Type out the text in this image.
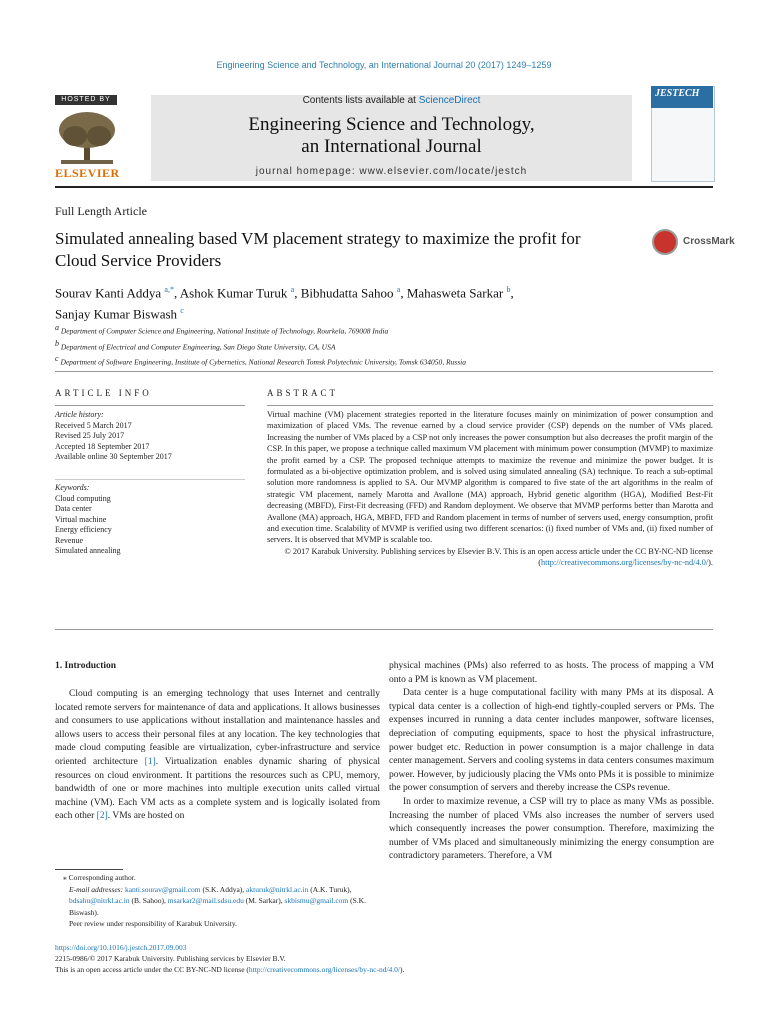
Engineering Science and Technology, an International Journal 20 (2017) 1249–1259
HOSTED BY
ELSEVIER
Contents lists available at ScienceDirect
Engineering Science and Technology,
an International Journal
journal homepage: www.elsevier.com/locate/jestch
JESTECH
Full Length Article
Simulated annealing based VM placement strategy to maximize the profit for Cloud Service Providers
CrossMark
Sourav Kanti Addya $^{a,*}$, Ashok Kumar Turuk $^a$, Bibhudatta Sahoo $^a$, Mahasweta Sarkar $^b$,
Sanjay Kumar Biswash $^c$
$^a$ Department of Computer Science and Engineering, National Institute of Technology, Rourkela, 769008 India
$^b$ Department of Electrical and Computer Engineering, San Diego State University, CA, USA
$^c$ Department of Software Engineering, Institute of Cybernetics, National Research Tomsk Polytechnic University, Tomsk 634050, Russia
ARTICLE INFO	ABSTRACT
Article history:
Received 5 March 2017
Revised 25 July 2017
Accepted 18 September 2017
Available online 30 September 2017
Keywords:
Cloud computing
Data center
Virtual machine
Energy efficiency
Revenue
Simulated annealing
Virtual machine (VM) placement strategies reported in the literature focuses mainly on minimization of power consumption and maximization of placed VMs. The revenue earned by a cloud service provider (CSP) depends on the number of VMs placed. Increasing the number of VMs placed by a CSP not only increases the power consumption but also decreases the profit margin of the CSP. In this paper, we propose a technique called maximum VM placement with minimum power consumption (MVMP) to maximize the profit earned by a CSP. The proposed technique attempts to maximize the revenue and minimize the power budget. It is formulated as a bi-objective optimization problem, and is solved using simulated annealing (SA) technique. To reach a sub-optimal solution more randomness is applied to SA. Our MVMP algorithm is compared to five state of the art algorithms in the realm of strategic VM placement, namely Marotta and Avallone (MA) approach, Hybrid genetic algorithm (HGA), Modified Best-Fit decreasing (MBFD), First-Fit decreasing (FFD) and Random deployment. We observe that MVMP performs better than Marotta and Avallone (MA) approach, HGA, MBFD, FFD and Random placement in terms of number of servers used, energy consumption, profit and execution time. Scalability of MVMP is verified using two different scenarios: (i) fixed number of VMs and, (ii) fixed number of servers. It is observed that MVMP is scalable too.
© 2017 Karabuk University. Publishing services by Elsevier B.V. This is an open access article under the CC BY-NC-ND license (http://creativecommons.org/licenses/by-nc-nd/4.0/).
1. Introduction

Cloud computing is an emerging technology that uses Internet and centrally located remote servers for maintenance of data and applications. It allows businesses and consumers to use applications without installation and maintenance hassles and allows users to access their personal files at any location. The key technologies that made cloud computing feasible are virtualization, cyber-infrastructure and service oriented architecture [1]. Virtualization enables dynamic sharing of physical resources on cloud environment. It partitions the resources such as CPU, memory, bandwidth of one or more machines into multiple execution units called virtual machine (VM). Each VM acts as a complete system and is logically isolated from each other [2]. VMs are hosted on

physical machines (PMs) also referred to as hosts. The process of mapping a VM onto a PM is known as VM placement.

Data center is a huge computational facility with many PMs at its disposal. A typical data center is a collection of high-end tightly-coupled servers or PMs. The expenses incurred in running a data center includes manpower, software licenses, depreciation of computing equipments, space to host the physical infrastructure, power budget etc. Reduction in power consumption is a major challenge in data center management. Servers and cooling systems in data centers consumes maximum power. However, by judiciously placing the VMs onto PMs it is possible to minimize the power consumption of servers and thereby increase the CSPs revenue.

In order to maximize revenue, a CSP will try to place as many VMs as possible. Increasing the number of placed VMs also increases the number of servers used which consequently increases the power consumption. Therefore, maximizing the number of VMs placed and simultaneously minimizing the energy consumption are contradictory parameters. Therefore, a VM

⁎ Corresponding author.
E-mail addresses: kanti.sourav@gmail.com (S.K. Addya), akturuk@nitrkl.ac.in (A.K. Turuk), bdsahu@nitrkl.ac.in (B. Sahoo), msarkar2@mail.sdsu.edu (M. Sarkar), skbismu@gmail.com (S.K. Biswash).
Peer review under responsibility of Karabuk University.
https://doi.org/10.1016/j.jestch.2017.09.003
2215-0986/© 2017 Karabuk University. Publishing services by Elsevier B.V.
This is an open access article under the CC BY-NC-ND license (http://creativecommons.org/licenses/by-nc-nd/4.0/).
